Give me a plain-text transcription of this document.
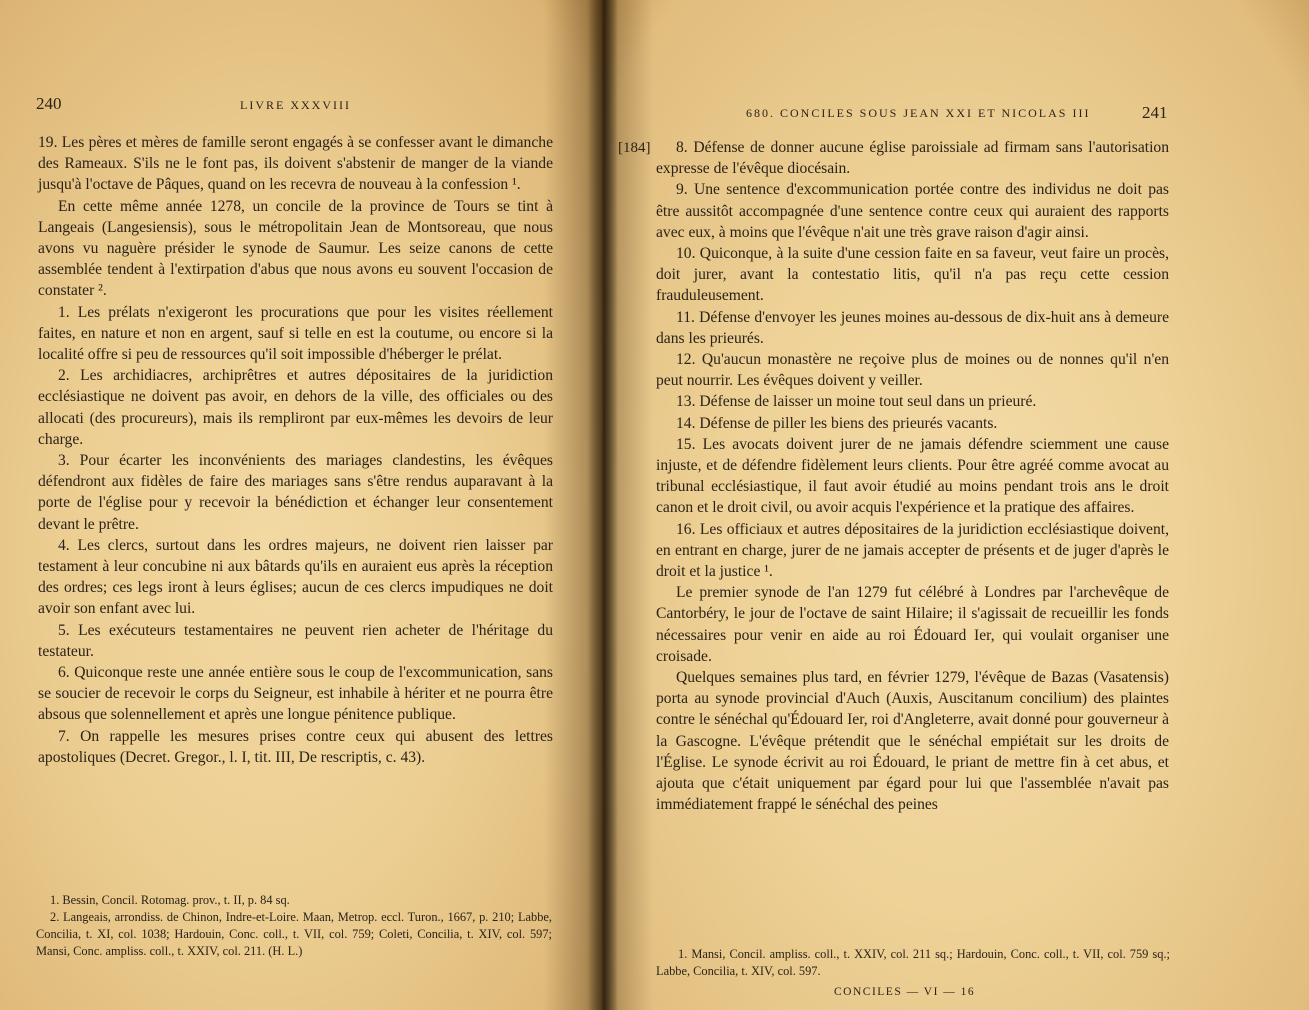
240	LIVRE XXXVIII

19. Les pères et mères de famille seront engagés à se confesser avant le dimanche des Rameaux. S'ils ne le font pas, ils doivent s'abstenir de manger de la viande jusqu'à l'octave de Pâques, quand on les recevra de nouveau à la confession ¹.

En cette même année 1278, un concile de la province de Tours se tint à Langeais (Langesiensis), sous le métropolitain Jean de Montsoreau, que nous avons vu naguère présider le synode de Saumur. Les seize canons de cette assemblée tendent à l'extirpation d'abus que nous avons eu souvent l'occasion de constater ².

1. Les prélats n'exigeront les procurations que pour les visites réellement faites, en nature et non en argent, sauf si telle en est la coutume, ou encore si la localité offre si peu de ressources qu'il soit impossible d'héberger le prélat.

2. Les archidiacres, archiprêtres et autres dépositaires de la juridiction ecclésiastique ne doivent pas avoir, en dehors de la ville, des officiales ou des allocati (des procureurs), mais ils rempliront par eux-mêmes les devoirs de leur charge.

3. Pour écarter les inconvénients des mariages clandestins, les évêques défendront aux fidèles de faire des mariages sans s'être rendus auparavant à la porte de l'église pour y recevoir la bénédiction et échanger leur consentement devant le prêtre.

4. Les clercs, surtout dans les ordres majeurs, ne doivent rien laisser par testament à leur concubine ni aux bâtards qu'ils en auraient eus après la réception des ordres; ces legs iront à leurs églises; aucun de ces clercs impudiques ne doit avoir son enfant avec lui.

5. Les exécuteurs testamentaires ne peuvent rien acheter de l'héritage du testateur.

6. Quiconque reste une année entière sous le coup de l'excommunication, sans se soucier de recevoir le corps du Seigneur, est inhabile à hériter et ne pourra être absous que solennellement et après une longue pénitence publique.

7. On rappelle les mesures prises contre ceux qui abusent des lettres apostoliques (Decret. Gregor., l. I, tit. III, De rescriptis, c. 43).

1. Bessin, Concil. Rotomag. prov., t. II, p. 84 sq.

2. Langeais, arrondiss. de Chinon, Indre-et-Loire. Maan, Metrop. eccl. Turon., 1667, p. 210; Labbe, Concilia, t. XI, col. 1038; Hardouin, Conc. coll., t. VII, col. 759; Coleti, Concilia, t. XIV, col. 597; Mansi, Conc. ampliss. coll., t. XXIV, col. 211. (H. L.)

680. CONCILES SOUS JEAN XXI ET NICOLAS III	241
[184]	8. Défense de donner aucune église paroissiale ad firmam sans l'autorisation expresse de l'évêque diocésain.

9. Une sentence d'excommunication portée contre des individus ne doit pas être aussitôt accompagnée d'une sentence contre ceux qui auraient des rapports avec eux, à moins que l'évêque n'ait une très grave raison d'agir ainsi.

10. Quiconque, à la suite d'une cession faite en sa faveur, veut faire un procès, doit jurer, avant la contestatio litis, qu'il n'a pas reçu cette cession frauduleusement.

11. Défense d'envoyer les jeunes moines au-dessous de dix-huit ans à demeure dans les prieurés.

12. Qu'aucun monastère ne reçoive plus de moines ou de nonnes qu'il n'en peut nourrir. Les évêques doivent y veiller.

13. Défense de laisser un moine tout seul dans un prieuré.

14. Défense de piller les biens des prieurés vacants.

15. Les avocats doivent jurer de ne jamais défendre sciemment une cause injuste, et de défendre fidèlement leurs clients. Pour être agréé comme avocat au tribunal ecclésiastique, il faut avoir étudié au moins pendant trois ans le droit canon et le droit civil, ou avoir acquis l'expérience et la pratique des affaires.

16. Les officiaux et autres dépositaires de la juridiction ecclésiastique doivent, en entrant en charge, jurer de ne jamais accepter de présents et de juger d'après le droit et la justice ¹.

Le premier synode de l'an 1279 fut célébré à Londres par l'archevêque de Cantorbéry, le jour de l'octave de saint Hilaire; il s'agissait de recueillir les fonds nécessaires pour venir en aide au roi Édouard Ier, qui voulait organiser une croisade.

Quelques semaines plus tard, en février 1279, l'évêque de Bazas (Vasatensis) porta au synode provincial d'Auch (Auxis, Auscitanum concilium) des plaintes contre le sénéchal qu'Édouard Ier, roi d'Angleterre, avait donné pour gouverneur à la Gascogne. L'évêque prétendit que le sénéchal empiétait sur les droits de l'Église. Le synode écrivit au roi Édouard, le priant de mettre fin à cet abus, et ajouta que c'était uniquement par égard pour lui que l'assemblée n'avait pas immédiatement frappé le sénéchal des peines

1. Mansi, Concil. ampliss. coll., t. XXIV, col. 211 sq.; Hardouin, Conc. coll., t. VII, col. 759 sq.; Labbe, Concilia, t. XIV, col. 597.

CONCILES — VI — 16
